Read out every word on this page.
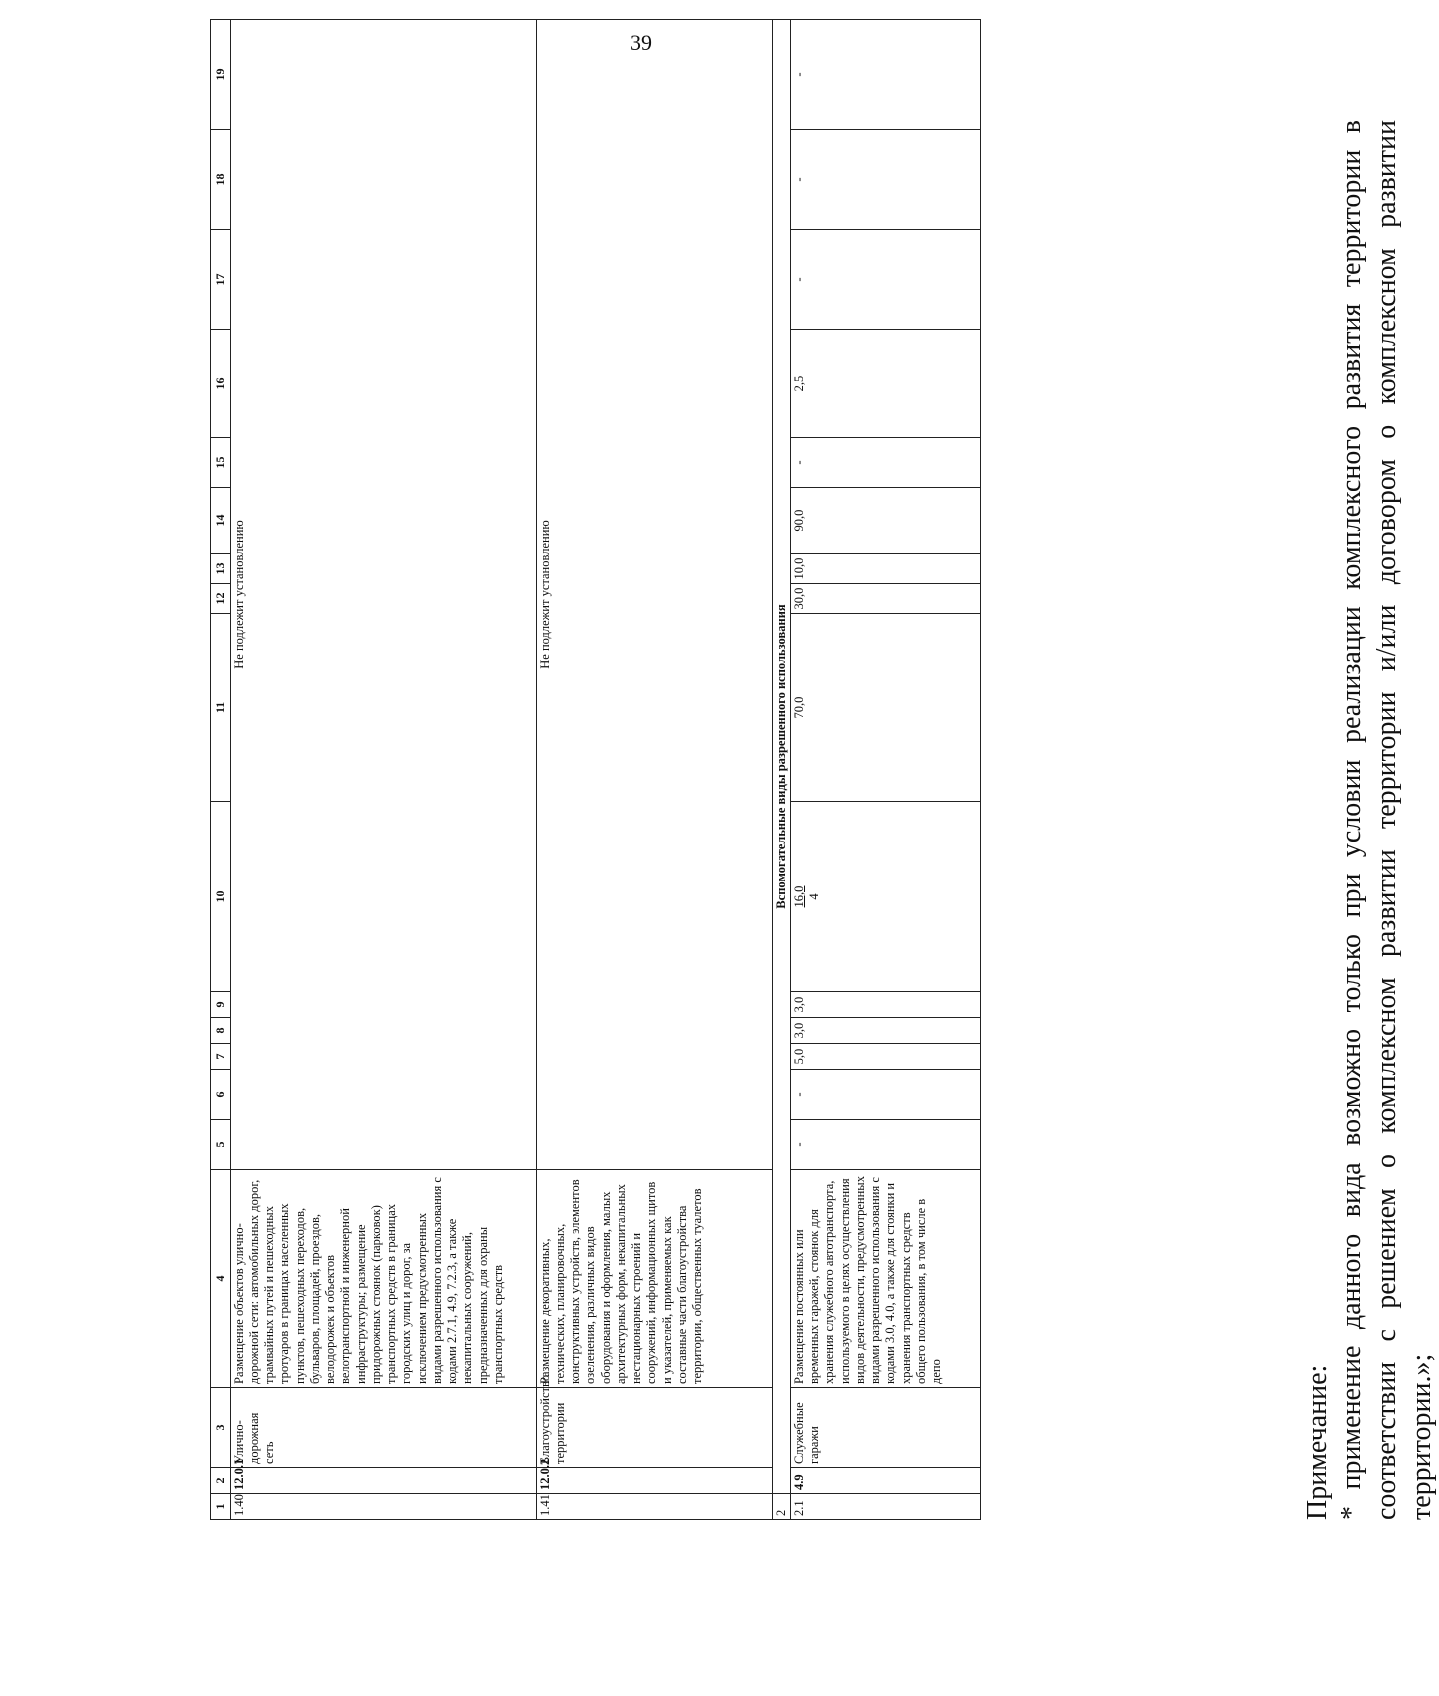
39
1	2	3	4	5	6	7	8	9	10	11	12	13	14	15	16	17	18	19
1.40	12.0.1	Улично-дорожная сеть	Размещение объектов улично-дорожной сети: автомобильных дорог, трамвайных путей и пешеходных тротуаров в границах населенных пунктов, пешеходных переходов, бульваров, площадей, проездов, велодорожек и объектов велотранспортной и инженерной инфраструктуры; размещение придорожных стоянок (парковок) транспортных средств в границах городских улиц и дорог, за исключением предусмотренных видами разрешенного использования с кодами 2.7.1, 4.9, 7.2.3, а также некапитальных сооружений, предназначенных для охраны транспортных средств	Не подлежит установлению														
1.41	12.0.2	Благоустройство территории	Размещение декоративных, технических, планировочных, конструктивных устройств, элементов озеленения, различных видов оборудования и оформления, малых архитектурных форм, некапитальных нестационарных строений и сооружений, информационных щитов и указателей, применяемых как составные части благоустройства территории, общественных туалетов	Не подлежит установлению														
2	Вспомогательные виды разрешенного использования																	
2.1	4.9	Служебные гаражи	Размещение постоянных или временных гаражей, стоянок для хранения служебного автотранспорта, используемого в целях осуществления видов деятельности, предусмотренных видами разрешенного использования с кодами 3.0, 4.0, а также для стоянки и хранения транспортных средств общего пользования, в том числе в депо	-	-	5,0	3,0	3,0	16,0 4	70,0	30,0	10,0	90,0	-	2,5	-	-	-
Примечание: * применение данного вида возможно только при условии реализации комплексного развития территории в соответствии с решением о комплексном развитии территории и/или договором о комплексном развитии территории.»;
